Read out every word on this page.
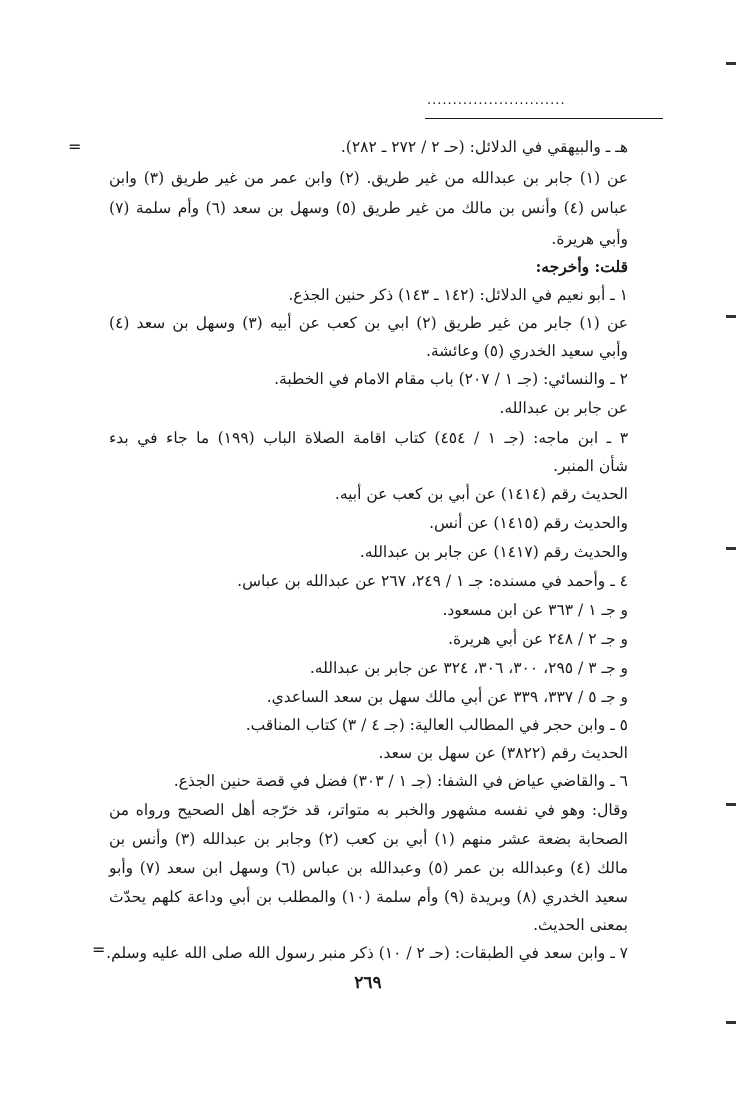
...........................
=	هـ ـ والبيهقي في الدلائل: (حـ ٢ / ٢٧٢ ـ ٢٨٢).
عن (١) جابر بن عبدالله من غير طريق. (٢) وابن عمر من غير طريق (٣) وابن
عباس (٤) وأنس بن مالك من غير طريق (٥) وسهل بن سعد (٦) وأم سلمة (٧)
وأبي هريرة.
قلت: وأخرجه:
١ ـ أبو نعيم في الدلائل: (١٤٢ ـ ١٤٣) ذكر حنين الجذع.
عن (١) جابر من غير طريق (٢) ابي بن كعب عن أبيه (٣) وسهل بن سعد (٤)
وأبي سعيد الخدري (٥) وعائشة.
٢ ـ والنسائي: (جـ ١ / ٢٠٧) باب مقام الامام في الخطبة.
عن جابر بن عبدالله.
٣ ـ ابن ماجه: (جـ ١ / ٤٥٤) كتاب اقامة الصلاة الباب (١٩٩) ما جاء في بدء
شأن المنبر.
الحديث رقم (١٤١٤) عن أبي بن كعب عن أبيه.
والحديث رقم (١٤١٥) عن أنس.
والحديث رقم (١٤١٧) عن جابر بن عبدالله.
٤ ـ وأحمد في مسنده: جـ ١ / ٢٤٩، ٢٦٧ عن عبدالله بن عباس.
و جـ ١ / ٣٦٣ عن ابن مسعود.
و جـ ٢ / ٢٤٨ عن أبي هريرة.
و جـ ٣ / ٢٩٥، ٣٠٠، ٣٠٦، ٣٢٤ عن جابر بن عبدالله.
و جـ ٥ / ٣٣٧، ٣٣٩ عن أبي مالك سهل بن سعد الساعدي.
٥ ـ وابن حجر في المطالب العالية: (جـ ٤ / ٣) كتاب المناقب.
الحديث رقم (٣٨٢٢) عن سهل بن سعد.
٦ ـ والقاضي عياض في الشفا: (جـ ١ / ٣٠٣) فضل في قصة حنين الجذع.
وقال: وهو في نفسه مشهور والخبر به متواتر، قد خرّجه أهل الصحيح ورواه من
الصحابة بضعة عشر منهم (١) أبي بن كعب (٢) وجابر بن عبدالله (٣) وأنس بن
مالك (٤) وعبدالله بن عمر (٥) وعبدالله بن عباس (٦) وسهل ابن سعد (٧) وأبو
سعيد الخدري (٨) وبريدة (٩) وأم سلمة (١٠) والمطلب بن أبي وداعة كلهم يحدّث
بمعنى الحديث.
٧ ـ وابن سعد في الطبقات: (حـ ٢ / ١٠) ذكر منبر رسول الله صلى الله عليه وسلم.
=
٢٦٩
